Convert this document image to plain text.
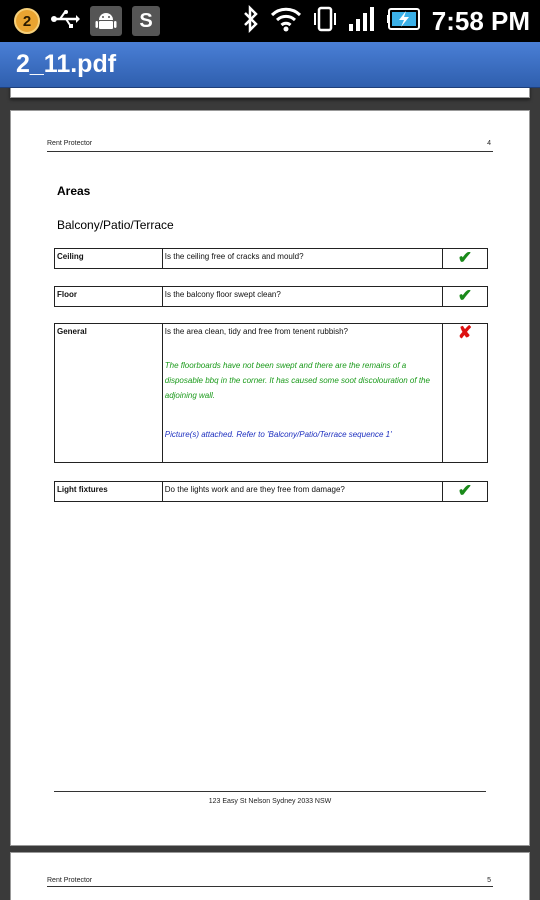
2	S	7:58 PM
2_11.pdf
Rent Protector	4
Areas
Balcony/Patio/Terrace
Ceiling	Is the ceiling free of cracks and mould?	✔
Floor	Is the balcony floor swept clean?	✔
General	Is the area clean, tidy and free from tenent rubbish?
The floorboards have not been swept and there are the remains of a disposable bbq in the corner. It has caused some soot discolouration of the adjoining wall.
Picture(s) attached. Refer to 'Balcony/Patio/Terrace sequence 1'
	✘
Light fixtures	Do the lights work and are they free from damage?	✔
123 Easy St Nelson Sydney 2033 NSW
Rent Protector	5
